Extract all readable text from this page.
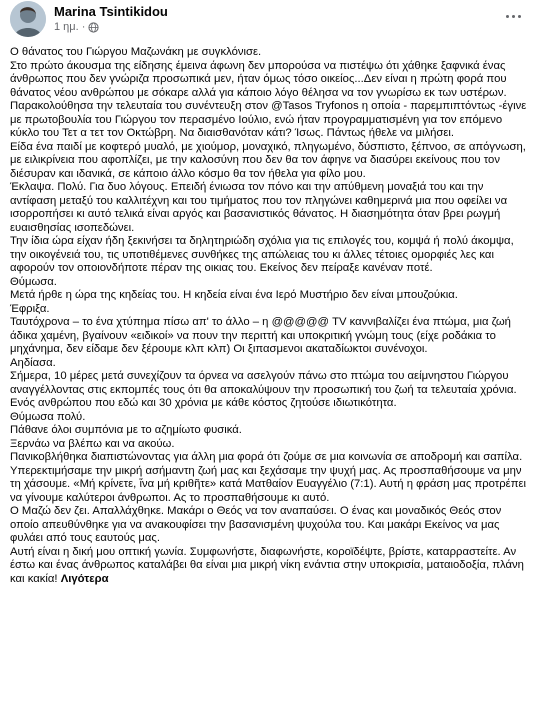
Marina Tsintikidou
1 ημ. ·

Ο θάνατος του Γιώργου Μαζωνάκη με συγκλόνισε.

Στο πρώτο άκουσμα της είδησης έμεινα άφωνη δεν μπορούσα να πιστέψω ότι χάθηκε ξαφνικά ένας άνθρωπος που δεν γνώριζα προσωπικά μεν, ήταν όμως τόσο οικείος...Δεν είναι η πρώτη φορά που θάνατος νέου ανθρώπου με σόκαρε αλλά για κάποιο λόγο θέλησα να τον γνωρίσω εκ των υστέρων. Παρακολούθησα την τελευταία του συνέντευξη στον @Tasos Tryfonos η οποία - παρεμπιπτόντως -έγινε με πρωτοβουλία του Γιώργου τον περασμένο Ιούλιο, ενώ ήταν προγραμματισμένη για τον επόμενο κύκλο του Τετ α τετ τον Οκτώβρη. Να διαισθανόταν κάτι? Ίσως. Πάντως ήθελε να μιλήσει.

Είδα ένα παιδί με κοφτερό μυαλό, με χιούμορ, μοναχικό, πληγωμένο, δύσπιστο, ξέπνοο, σε απόγνωση, με ειλικρίνεια που αφοπλίζει, με την καλοσύνη που δεν θα τον άφηνε να διασύρει εκείνους που τον διέσυραν και ιδανικά, σε κάποιο άλλο κόσμο θα τον ήθελα για φίλο μου.

Έκλαψα. Πολύ. Για δυο λόγους. Επειδή ένιωσα τον πόνο και την απύθμενη μοναξιά του και την αντίφαση μεταξύ του καλλιτέχνη και του τιμήματος που τον πληγώνει καθημερινά μια που οφείλει να ισορροπήσει κι αυτό τελικά είναι αργός και βασανιστικός θάνατος. Η διασημότητα όταν βρει ρωγμή ευαισθησίας ισοπεδώνει.

Την ίδια ώρα είχαν ήδη ξεκινήσει τα δηλητηριώδη σχόλια για τις επιλογές του, κομψά ή πολύ άκομψα, την οικογένειά του, τις υποτιθέμενες συνθήκες της απώλειας του κι άλλες τέτοιες ομορφιές λες και αφορούν τον οποιονδήποτε πέραν της οικιας του. Εκείνος δεν πείραξε κανέναν ποτέ.

Θύμωσα.

Μετά ήρθε η ώρα της κηδείας του. Η κηδεία είναι ένα Ιερό Μυστήριο δεν είναι μπουζούκια.

Έφριξα.

Ταυτόχρονα – το ένα χτύπημα πίσω απ' το άλλο – η @@@@@ TV καννιβαλίζει ένα πτώμα, μια ζωή άδικα χαμένη, βγαίνουν «ειδικοί» να πουν την περιττή και υποκριτική γνώμη τους (είχε ροδάκια το μηχάνημα, δεν είδαμε δεν ξέρουμε κλπ κλπ) Οι ξιπασμενοι ακαταδίωκτοι συνένοχοι.

Αηδίασα.

Σήμερα, 10 μέρες μετά συνεχίζουν τα όρνεα να ασελγούν πάνω στο πτώμα του αείμνηστου Γιώργου αναγγέλλοντας στις εκπομπές τους ότι θα αποκαλύψουν την προσωπική του ζωή τα τελευταία χρόνια. Ενός ανθρώπου που εδώ και 30 χρόνια με κάθε κόστος ζητούσε ιδιωτικότητα.

Θύμωσα πολύ.

Πάθανε όλοι συμπόνια με το αζημίωτο φυσικά.

Ξερνάω να βλέπω και να ακούω.

Πανικοβλήθηκα διαπιστώνοντας για άλλη μια φορά ότι ζούμε σε μια κοινωνία σε αποδρομή και σαπίλα.

Υπερεκτιμήσαμε την μικρή ασήμαντη ζωή μας και ξεχάσαμε την ψυχή μας. Ας προσπαθήσουμε να μην τη χάσουμε. «Μή κρίνετε, ἵνα μή κριθῆτε» κατά Ματθαίον Ευαγγέλιο (7:1). Αυτή η φράση μας προτρέπει να γίνουμε καλύτεροι άνθρωποι. Ας το προσπαθήσουμε κι αυτό.

Ο Μαζώ δεν ζει. Απαλλάχθηκε. Μακάρι ο Θεός να τον αναπαύσει. Ο ένας και μοναδικός Θεός στον οποίο απευθύνθηκε για να ανακουφίσει την βασανισμένη ψυχούλα του. Και μακάρι Εκείνος να μας φυλάει από τους εαυτούς μας.

Αυτή είναι η δική μου οπτική γωνία. Συμφωνήστε, διαφωνήστε, κοροϊδέψτε, βρίστε, καταρραστείτε. Αν έστω και ένας άνθρωπος καταλάβει θα είναι μια μικρή νίκη ενάντια στην υποκρισία, ματαιοδοξία, πλάνη και κακία! Λιγότερα
